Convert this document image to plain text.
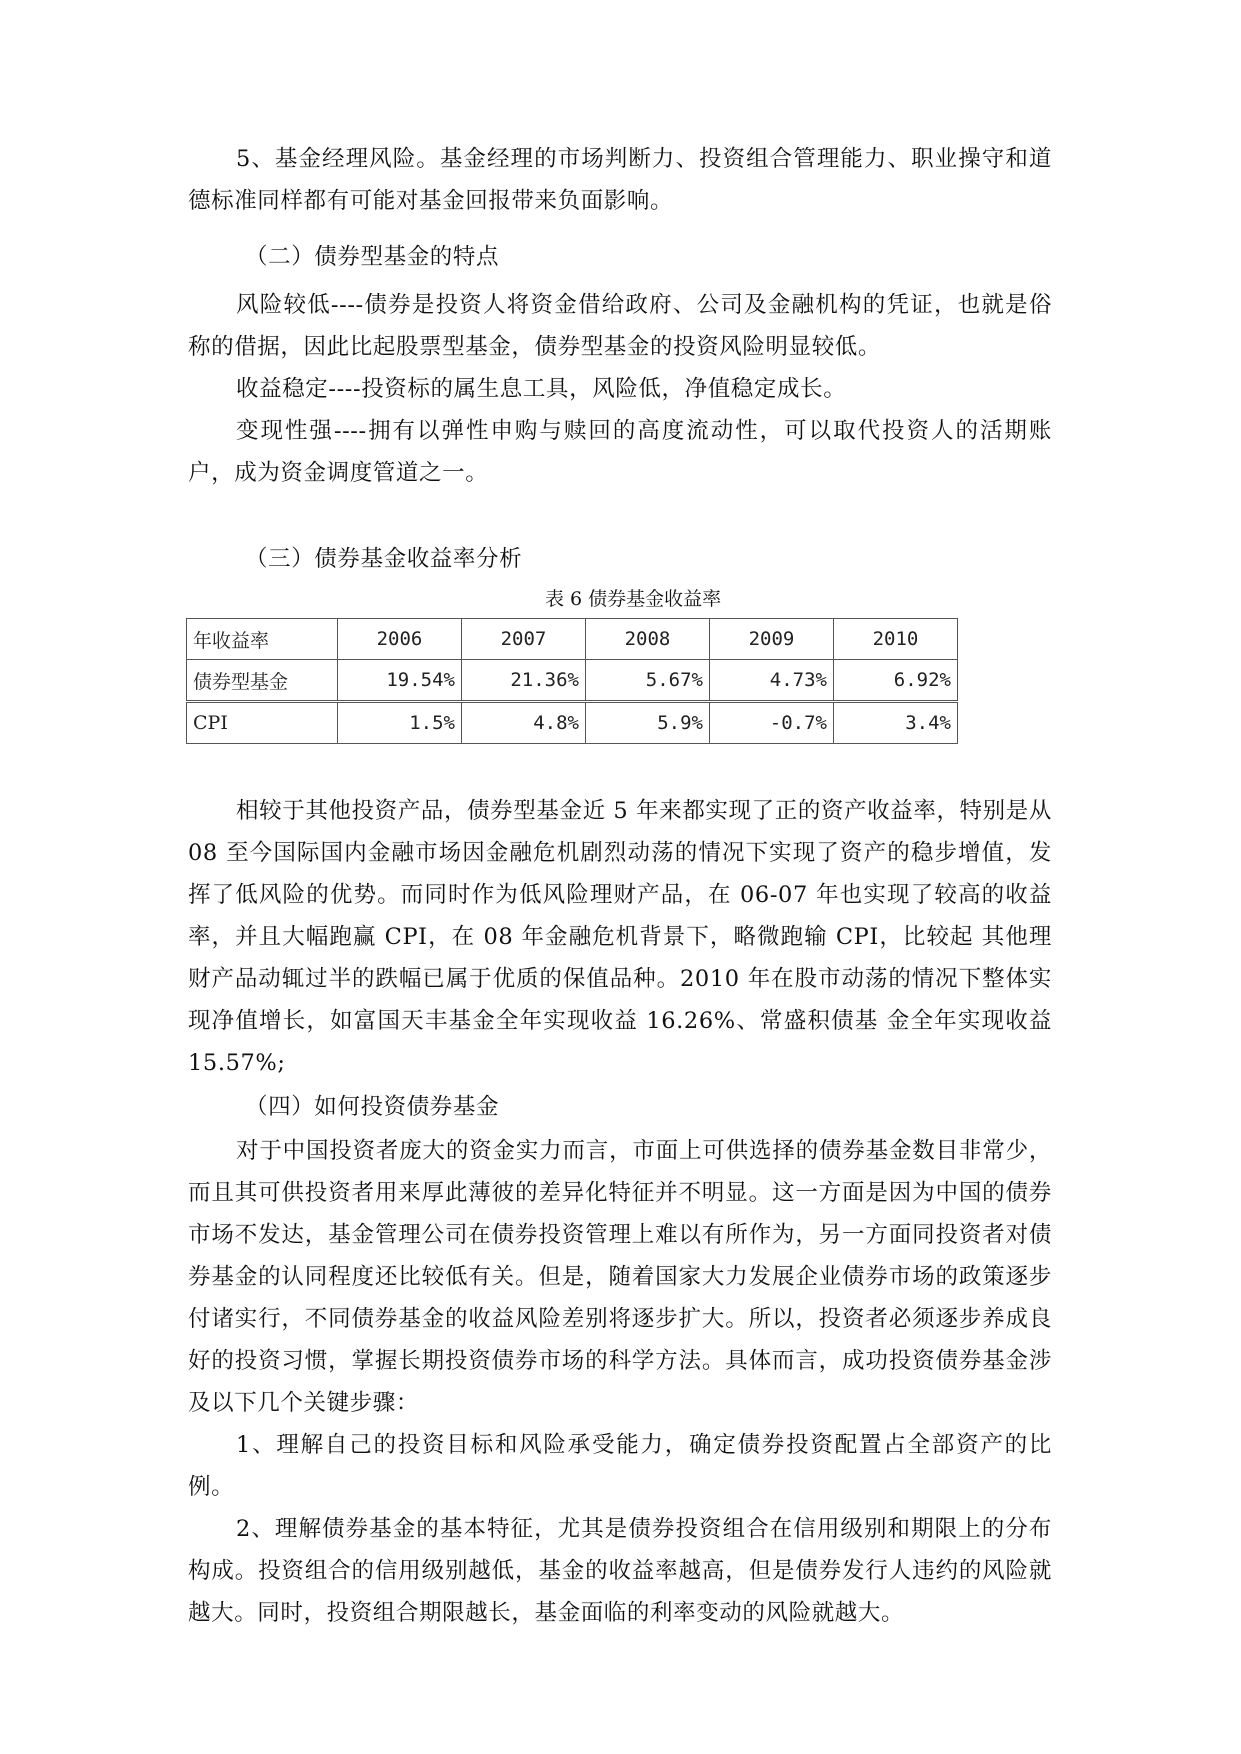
5、基金经理风险。基金经理的市场判断力、投资组合管理能力、职业操守和道德标准同样都有可能对基金回报带来负面影响。

（二）债券型基金的特点

风险较低----债券是投资人将资金借给政府、公司及金融机构的凭证，也就是俗称的借据，因此比起股票型基金，债券型基金的投资风险明显较低。

收益稳定----投资标的属生息工具，风险低，净值稳定成长。

变现性强----拥有以弹性申购与赎回的高度流动性，可以取代投资人的活期账户，成为资金调度管道之一。

（三）债券基金收益率分析

表 6 债券基金收益率

年收益率	2006	2007	2008	2009	2010
债券型基金	19.54%	21.36%	5.67%	4.73%	6.92%
CPI	1.5%	4.8%	5.9%	-0.7%	3.4%

相较于其他投资产品，债券型基金近 5 年来都实现了正的资产收益率，特别是从 08 至今国际国内金融市场因金融危机剧烈动荡的情况下实现了资产的稳步增值，发挥了低风险的优势。而同时作为低风险理财产品，在 06-07 年也实现了较高的收益率，并且大幅跑赢 CPI，在 08 年金融危机背景下，略微跑输 CPI，比较起 其他理财产品动辄过半的跌幅已属于优质的保值品种。2010 年在股市动荡的情况下整体实现净值增长，如富国天丰基金全年实现收益 16.26%、常盛积债基 金全年实现收益 15.57%;

（四）如何投资债券基金

对于中国投资者庞大的资金实力而言，市面上可供选择的债券基金数目非常少，而且其可供投资者用来厚此薄彼的差异化特征并不明显。这一方面是因为中国的债券市场不发达，基金管理公司在债券投资管理上难以有所作为，另一方面同投资者对债券基金的认同程度还比较低有关。但是，随着国家大力发展企业债券市场的政策逐步付诸实行，不同债券基金的收益风险差别将逐步扩大。所以，投资者必须逐步养成良好的投资习惯，掌握长期投资债券市场的科学方法。具体而言，成功投资债券基金涉及以下几个关键步骤：

1、理解自己的投资目标和风险承受能力，确定债券投资配置占全部资产的比例。

2、理解债券基金的基本特征，尤其是债券投资组合在信用级别和期限上的分布构成。投资组合的信用级别越低，基金的收益率越高，但是债券发行人违约的风险就越大。同时，投资组合期限越长，基金面临的利率变动的风险就越大。
